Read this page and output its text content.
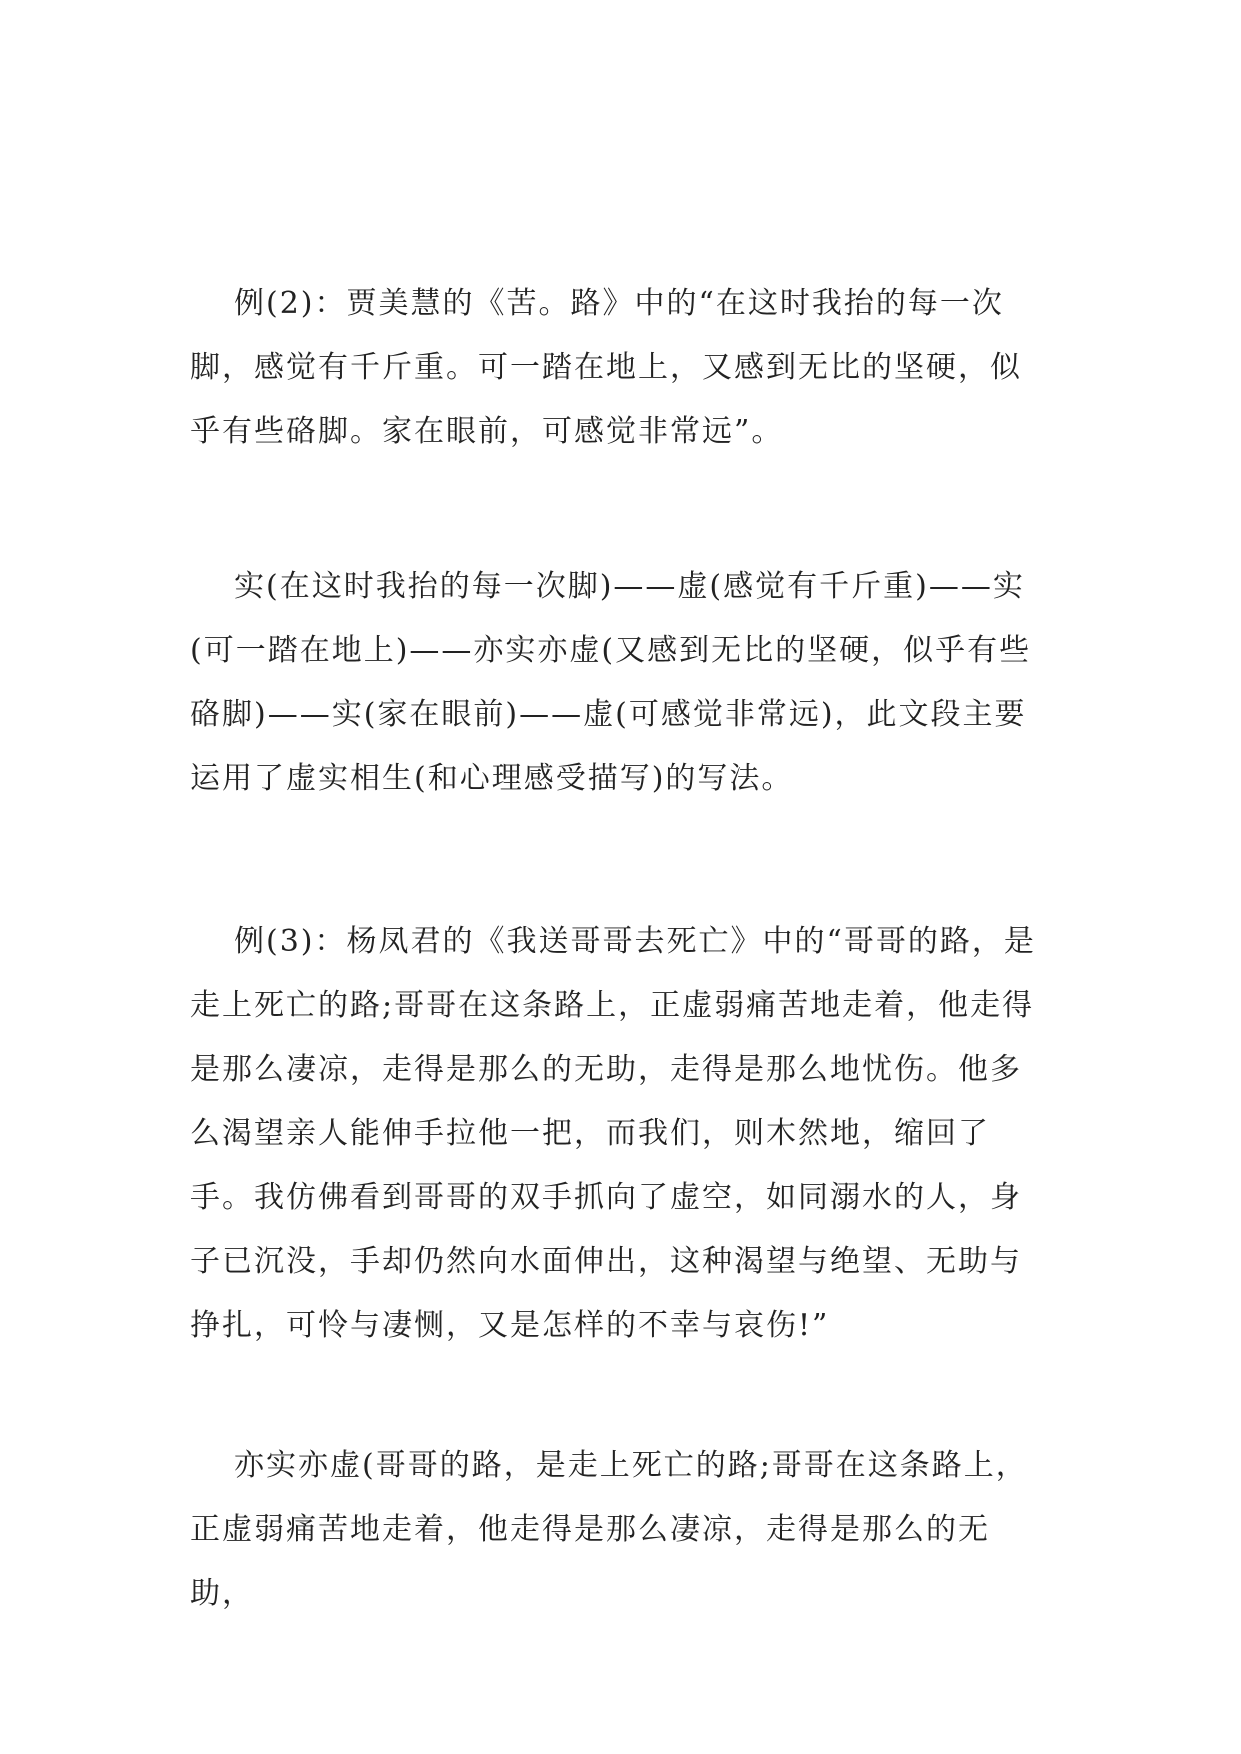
例(2)：贾美慧的《苦。路》中的“在这时我抬的每一次脚，感觉有千斤重。可一踏在地上，又感到无比的坚硬，似乎有些硌脚。家在眼前，可感觉非常远”。

实(在这时我抬的每一次脚)——虚(感觉有千斤重)——实(可一踏在地上)——亦实亦虚(又感到无比的坚硬，似乎有些硌脚)——实(家在眼前)——虚(可感觉非常远)，此文段主要运用了虚实相生(和心理感受描写)的写法。

例(3)：杨凤君的《我送哥哥去死亡》中的“哥哥的路，是走上死亡的路;哥哥在这条路上，正虚弱痛苦地走着，他走得是那么凄凉，走得是那么的无助，走得是那么地忧伤。他多么渴望亲人能伸手拉他一把，而我们，则木然地，缩回了手。我仿佛看到哥哥的双手抓向了虚空，如同溺水的人，身子已沉没，手却仍然向水面伸出，这种渴望与绝望、无助与挣扎，可怜与凄恻，又是怎样的不幸与哀伤!”

亦实亦虚(哥哥的路，是走上死亡的路;哥哥在这条路上，正虚弱痛苦地走着，他走得是那么凄凉，走得是那么的无助，
